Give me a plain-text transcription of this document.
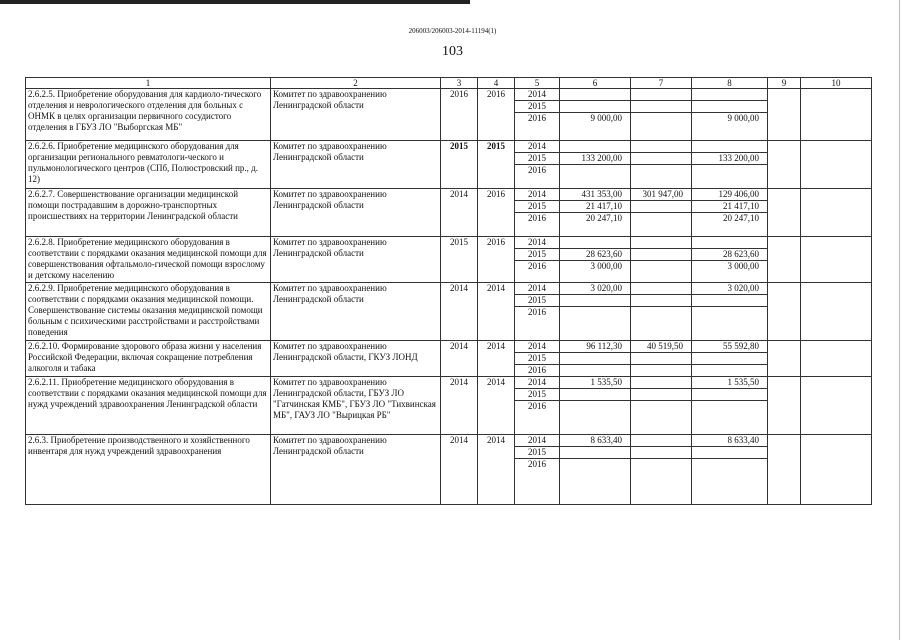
206003/206003-2014-11194(1)
103
1	2	3	4	5	6	7	8	9	10
2.6.2.5. Приобретение оборудования для кардиоло-тического отделения и неврологического отделения для больных с ОНМК в целях организации первичного сосудистого отделения в ГБУЗ ЛО "Выборгская МБ"	Комитет по здравоохранению Ленинградской области	2016	2016	2014					
				2015					
				2016	9 000,00		9 000,00		
2.6.2.6. Приобретение медицинского оборудования для организации регионального ревматологи-ческого и пульмонологического центров (СПб, Полюстровский пр., д. 12)	Комитет по здравоохранению Ленинградской области	2015	2015	2014					
				2015	133 200,00		133 200,00		
				2016					
2.6.2.7. Совершенствование организации медицинской помощи пострадавшим в дорожно-транспортных происшествиях на территории Ленинградской области	Комитет по здравоохранению Ленинградской области	2014	2016	2014	431 353,00	301 947,00	129 406,00		
				2015	21 417,10		21 417,10		
				2016	20 247,10		20 247,10		
2.6.2.8. Приобретение медицинского оборудования в соответствии с порядками оказания медицинской помощи для совершенствования офтальмоло-гической помощи взрослому и детскому населению	Комитет по здравоохранению Ленинградской области	2015	2016	2014					
				2015	28 623,60		28 623,60		
				2016	3 000,00		3 000,00		
2.6.2.9. Приобретение медицинского оборудования в соответствии с порядками оказания медицинской помощи. Совершенствование системы оказания медицинской помощи больным с психическими расстройствами и расстройствами поведения	Комитет по здравоохранению Ленинградской области	2014	2014	2014	3 020,00		3 020,00		
				2015					
				2016					
2.6.2.10. Формирование здорового образа жизни у населения Российской Федерации, включая сокращение потребления алкоголя и табака	Комитет по здравоохранению Ленинградской области, ГКУЗ ЛОНД	2014	2014	2014	96 112,30	40 519,50	55 592,80		
				2015					
				2016					
2.6.2.11. Приобретение медицинского оборудования в соответствии с порядками оказания медицинской помощи для нужд учреждений здравоохранения Ленинградской области	Комитет по здравоохранению Ленинградской области, ГБУЗ ЛО "Гатчинская КМБ", ГБУЗ ЛО "Тихвинская МБ", ГАУЗ ЛО "Вырицкая РБ"	2014	2014	2014	1 535,50		1 535,50		
				2015					
				2016					
2.6.3. Приобретение производственного и хозяйственного инвентаря для нужд учреждений здравоохранения	Комитет по здравоохранению Ленинградской области	2014	2014	2014	8 633,40		8 633,40		
				2015					
				2016					
